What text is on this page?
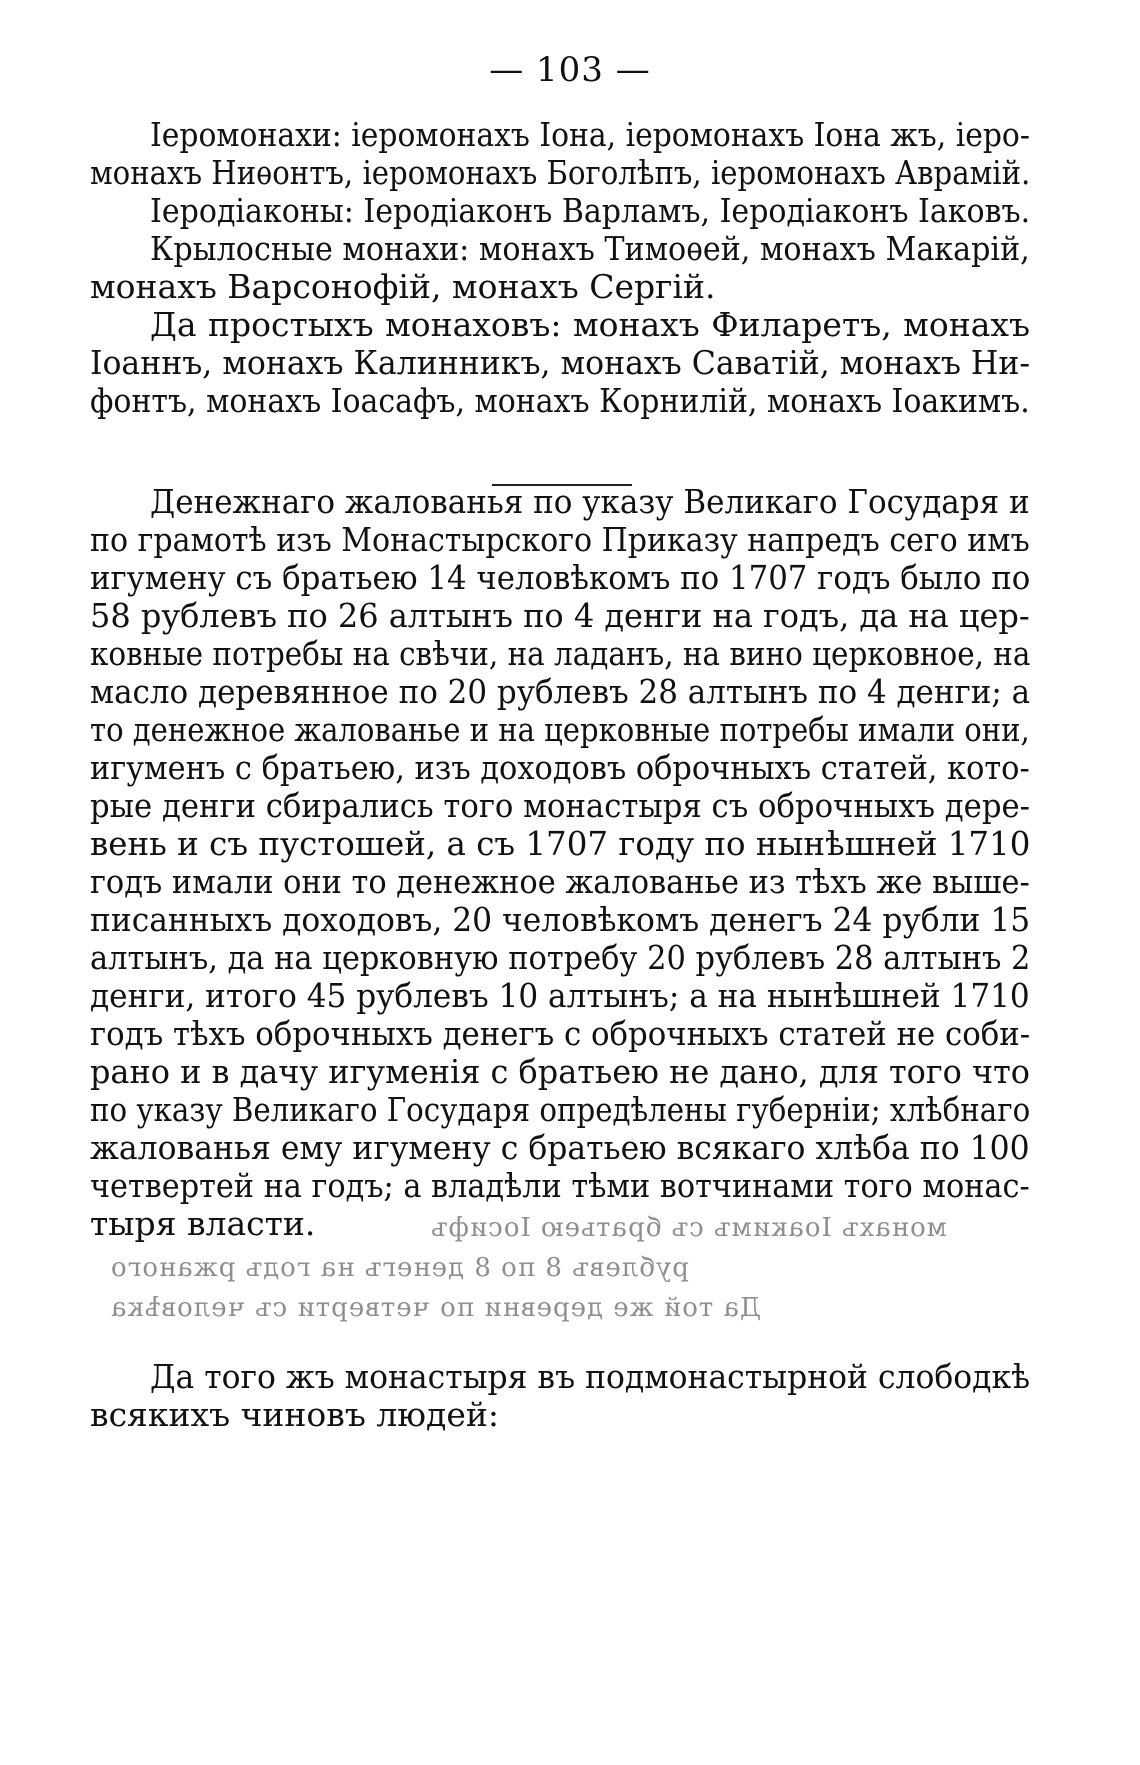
— 103 —
Іеромонахи: іеромонахъ Іона, іеромонахъ Іона жъ, іеро-
монахъ Ниѳонтъ, іеромонахъ Боголѣпъ, іеромонахъ Аврамій.
Іеродіаконы: Іеродіаконъ Варламъ, Іеродіаконъ Іаковъ.
Крылосные монахи: монахъ Тимоѳей, монахъ Макарій,
монахъ Варсонофій, монахъ Сергій.
Да простыхъ монаховъ: монахъ Филаретъ, монахъ
Іоаннъ, монахъ Калинникъ, монахъ Саватій, монахъ Ни-
фонтъ, монахъ Іоасафъ, монахъ Корнилій, монахъ Іоакимъ.
Денежнаго жалованья по указу Великаго Государя и
по грамотѣ изъ Монастырского Приказу напредъ сего имъ
игумену съ братьею 14 человѣкомъ по 1707 годъ было по
58 рублевъ по 26 алтынъ по 4 денги на годъ, да на цер-
ковные потребы на свѣчи, на ладанъ, на вино церковное, на
масло деревянное по 20 рублевъ 28 алтынъ по 4 денги; а
то денежное жалованье и на церковные потребы имали они,
игуменъ с братьею, изъ доходовъ оброчныхъ статей, кото-
рые денги сбирались того монастыря съ оброчныхъ дере-
вень и съ пустошей, а съ 1707 году по нынѣшней 1710
годъ имали они то денежное жалованье из тѣхъ же выше-
писанныхъ доходовъ, 20 человѣкомъ денегъ 24 рубли 15
алтынъ, да на церковную потребу 20 рублевъ 28 алтынъ 2
денги, итого 45 рублевъ 10 алтынъ; а на нынѣшней 1710
годъ тѣхъ оброчныхъ денегъ с оброчныхъ статей не соби-
рано и в дачу игуменія с братьею не дано, для того что
по указу Великаго Государя опредѣлены губерніи; хлѣбнаго
жалованья ему игумену с братьею всякаго хлѣба по 100
четвертей на годъ; а владѣли тѣми вотчинами того монас-
тыря власти.	монахъ Іоакимъ съ братьею Іосифъ
рублевъ 8 по 8 денегъ на годъ ржаного
Да той же деревни по четверти съ человѣка
Да того жъ монастыря въ подмонастырной слободкѣ
всякихъ чиновъ людей:
